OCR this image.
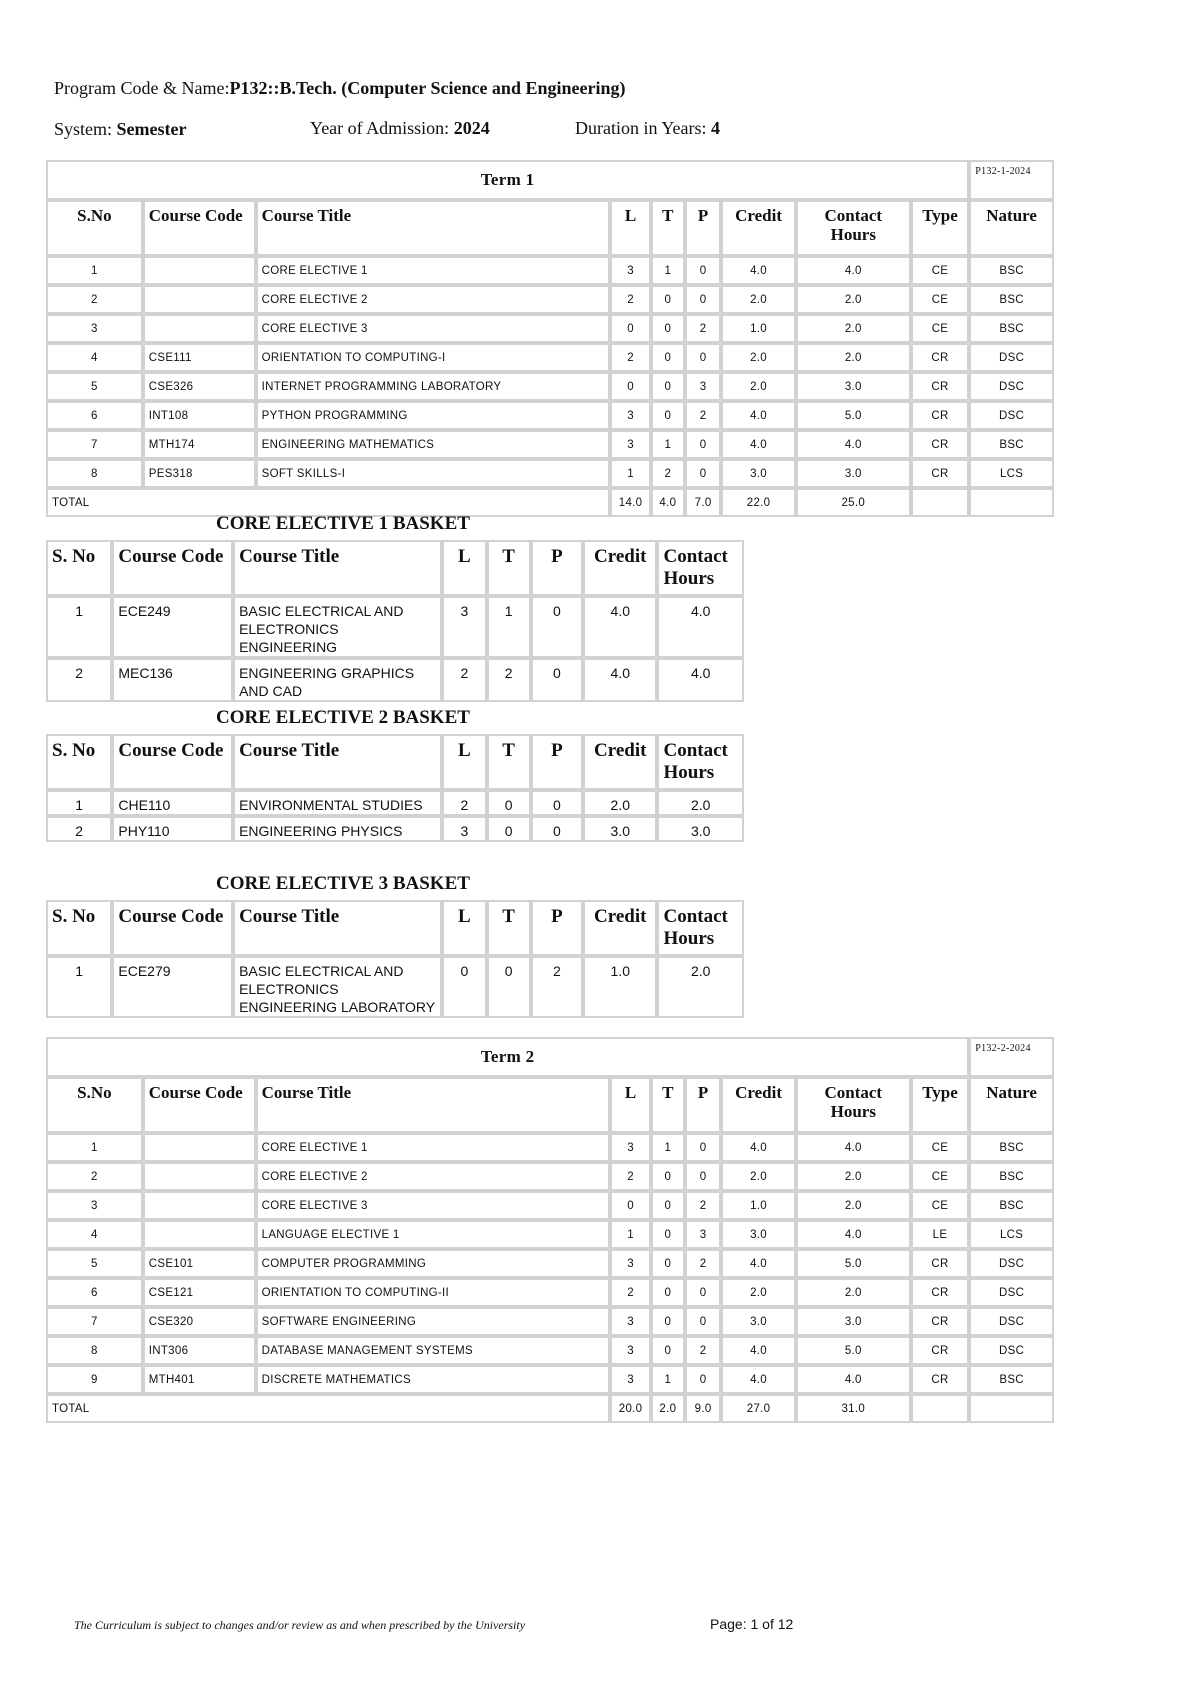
Program Code & Name:P132::B.Tech. (Computer Science and Engineering)
System: Semester	Year of Admission: 2024	Duration in Years: 4
Term 1									P132-1-2024
S.No	Course Code	Course Title	L	T	P	Credit	Contact Hours	Type	Nature
1		CORE ELECTIVE 1	3	1	0	4.0	4.0	CE	BSC
2		CORE ELECTIVE 2	2	0	0	2.0	2.0	CE	BSC
3		CORE ELECTIVE 3	0	0	2	1.0	2.0	CE	BSC
4	CSE111	ORIENTATION TO COMPUTING-I	2	0	0	2.0	2.0	CR	DSC
5	CSE326	INTERNET PROGRAMMING LABORATORY	0	0	3	2.0	3.0	CR	DSC
6	INT108	PYTHON PROGRAMMING	3	0	2	4.0	5.0	CR	DSC
7	MTH174	ENGINEERING MATHEMATICS	3	1	0	4.0	4.0	CR	BSC
8	PES318	SOFT SKILLS-I	1	2	0	3.0	3.0	CR	LCS
TOTAL			14.0	4.0	7.0	22.0	25.0		
CORE ELECTIVE 1 BASKET
S. No	Course Code	Course Title	L	T	P	Credit	Contact Hours
1	ECE249	BASIC ELECTRICAL AND ELECTRONICS ENGINEERING	3	1	0	4.0	4.0
2	MEC136	ENGINEERING GRAPHICS AND CAD	2	2	0	4.0	4.0
CORE ELECTIVE 2 BASKET
S. No	Course Code	Course Title	L	T	P	Credit	Contact Hours
1	CHE110	ENVIRONMENTAL STUDIES	2	0	0	2.0	2.0
2	PHY110	ENGINEERING PHYSICS	3	0	0	3.0	3.0
CORE ELECTIVE 3 BASKET
S. No	Course Code	Course Title	L	T	P	Credit	Contact Hours
1	ECE279	BASIC ELECTRICAL AND ELECTRONICS ENGINEERING LABORATORY	0	0	2	1.0	2.0
Term 2									P132-2-2024
S.No	Course Code	Course Title	L	T	P	Credit	Contact Hours	Type	Nature
1		CORE ELECTIVE 1	3	1	0	4.0	4.0	CE	BSC
2		CORE ELECTIVE 2	2	0	0	2.0	2.0	CE	BSC
3		CORE ELECTIVE 3	0	0	2	1.0	2.0	CE	BSC
4		LANGUAGE ELECTIVE 1	1	0	3	3.0	4.0	LE	LCS
5	CSE101	COMPUTER PROGRAMMING	3	0	2	4.0	5.0	CR	DSC
6	CSE121	ORIENTATION TO COMPUTING-II	2	0	0	2.0	2.0	CR	DSC
7	CSE320	SOFTWARE ENGINEERING	3	0	0	3.0	3.0	CR	DSC
8	INT306	DATABASE MANAGEMENT SYSTEMS	3	0	2	4.0	5.0	CR	DSC
9	MTH401	DISCRETE MATHEMATICS	3	1	0	4.0	4.0	CR	BSC
TOTAL			20.0	2.0	9.0	27.0	31.0		
The Curriculum is subject to changes and/or review as and when prescribed by the University	Page: 1 of 12
